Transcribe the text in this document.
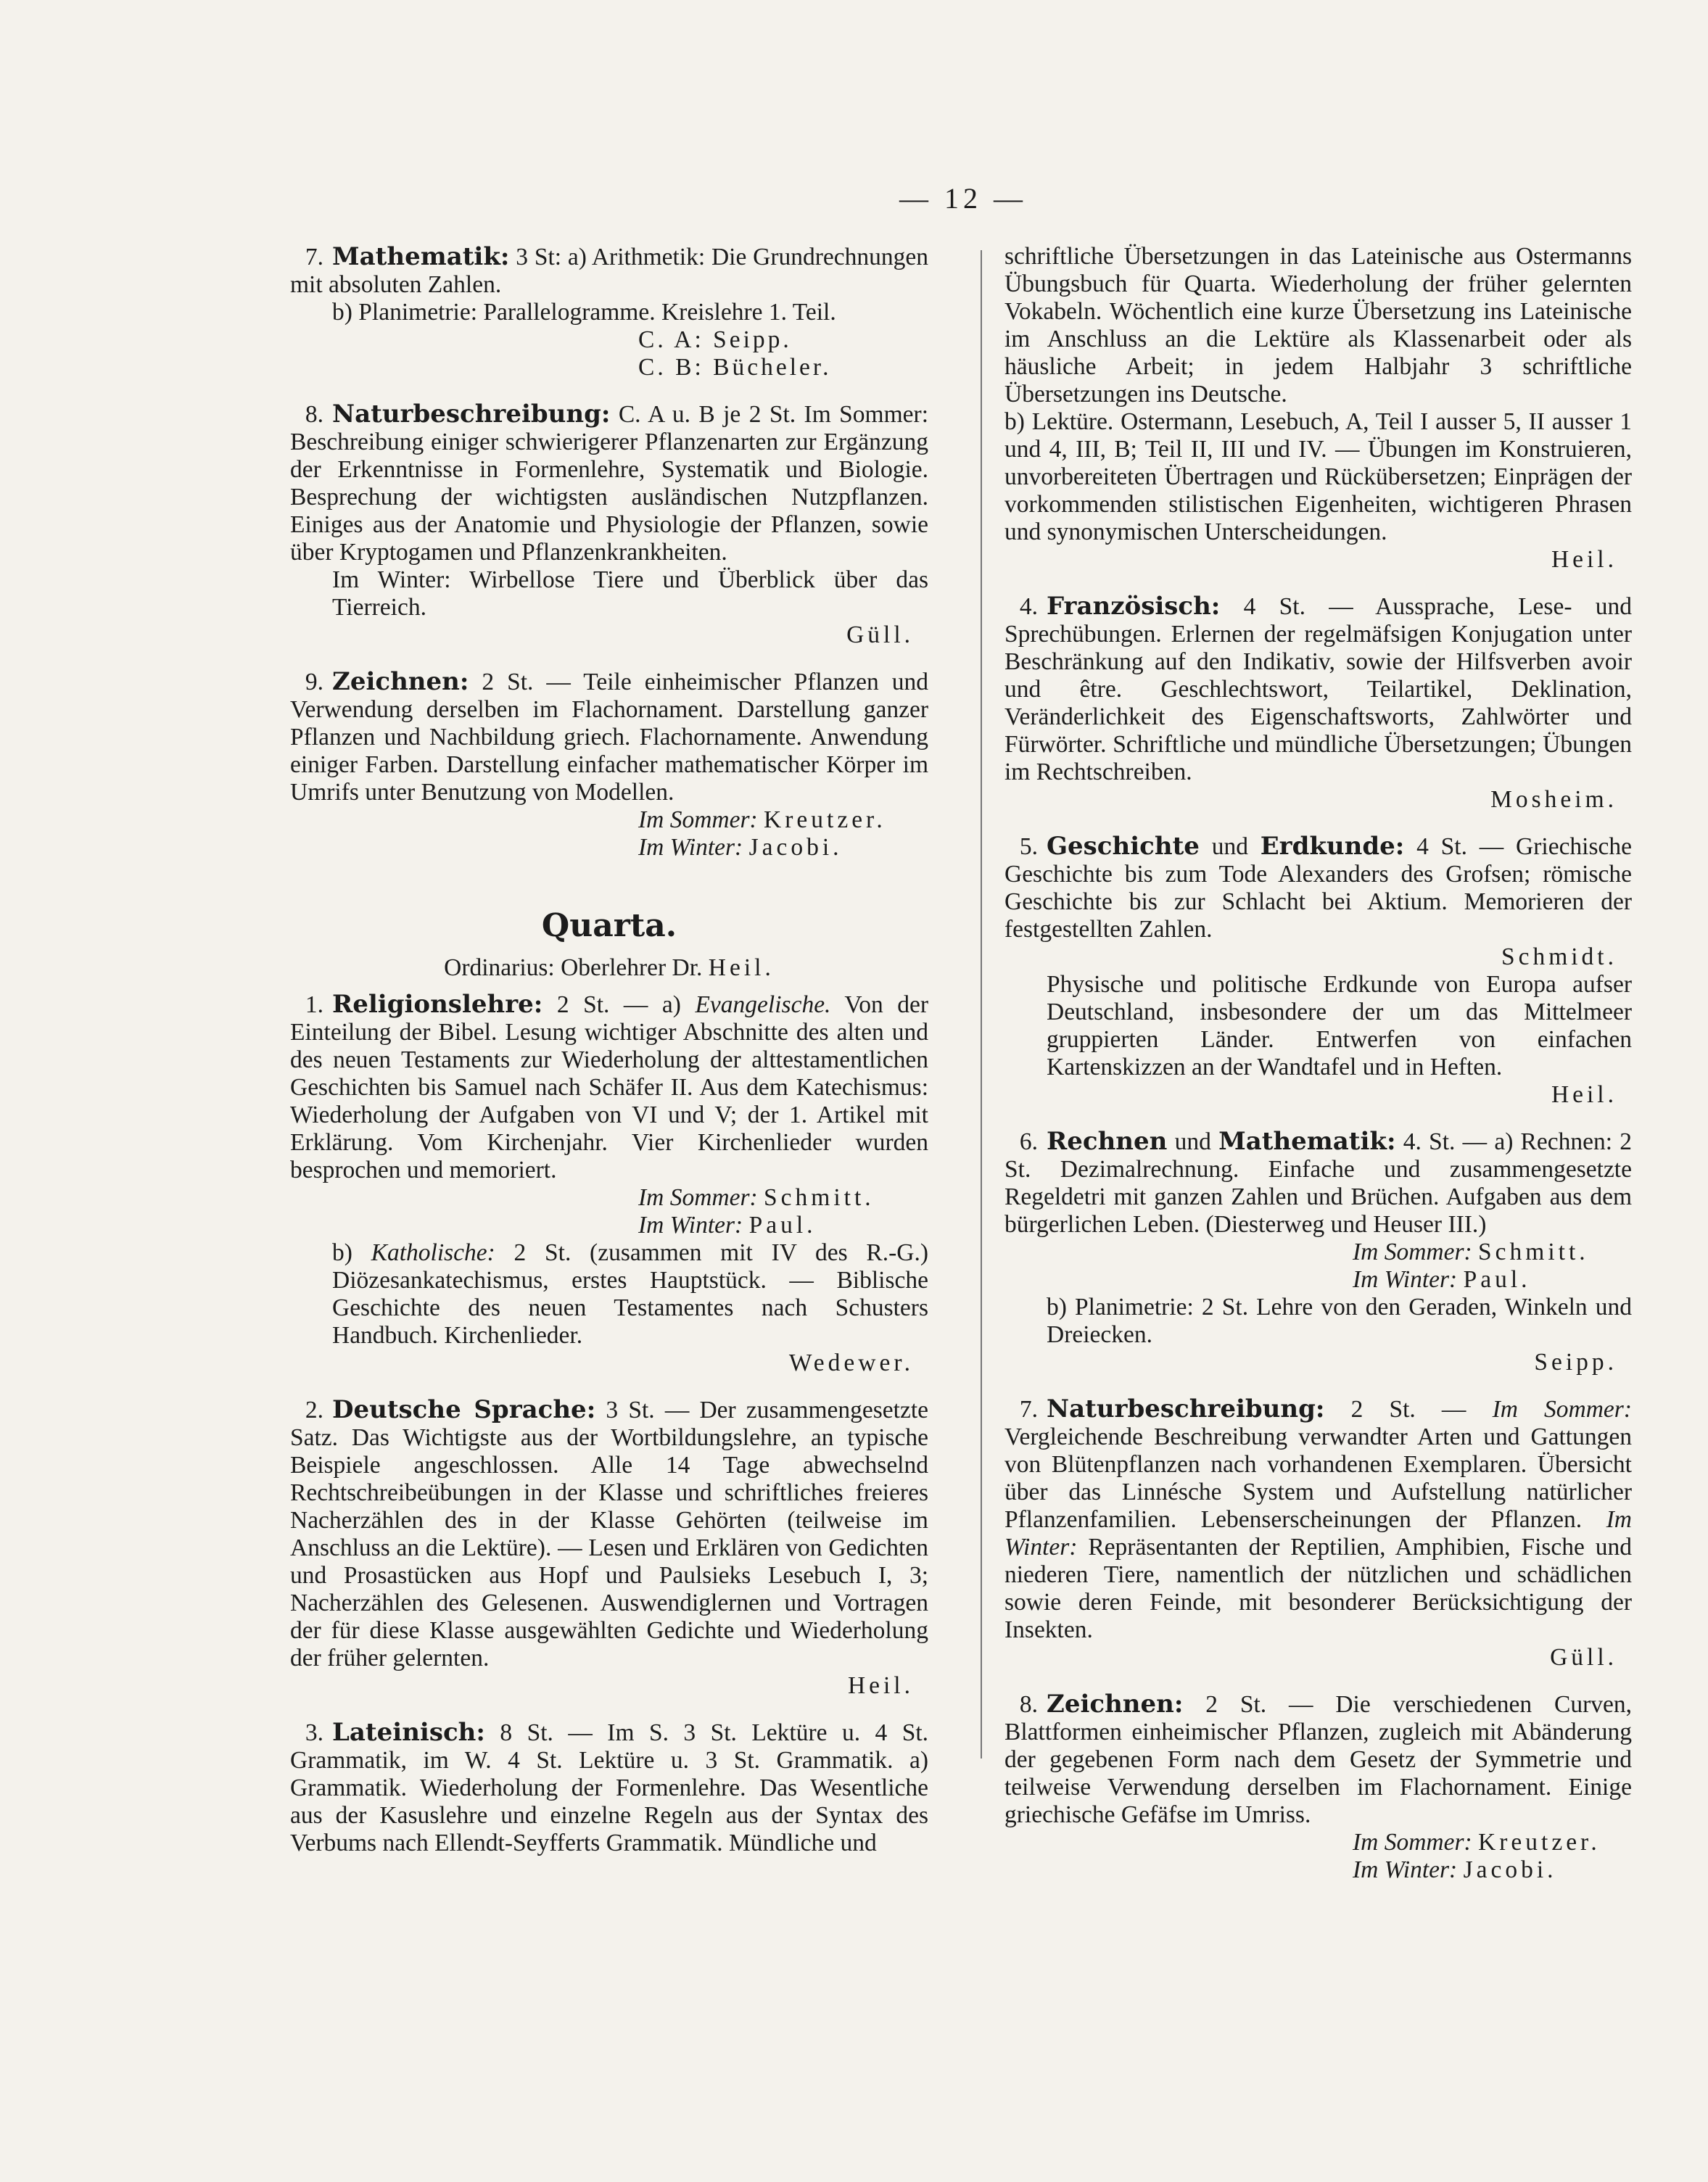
— 12 —

7. Mathematik: 3 St: a) Arithmetik: Die Grundrechnungen mit absoluten Zahlen.

b) Planimetrie: Parallelogramme. Kreislehre 1. Teil.

C. A: Seipp.

C. B: Bücheler.

8. Naturbeschreibung: C. A u. B je 2 St. Im Sommer: Beschreibung einiger schwierigerer Pflanzenarten zur Ergänzung der Erkenntnisse in Formenlehre, Systematik und Biologie. Besprechung der wichtigsten ausländischen Nutzpflanzen. Einiges aus der Anatomie und Physiologie der Pflanzen, sowie über Kryptogamen und Pflanzenkrankheiten.

Im Winter: Wirbellose Tiere und Überblick über das Tierreich.

Güll.

9. Zeichnen: 2 St. — Teile einheimischer Pflanzen und Verwendung derselben im Flachornament. Darstellung ganzer Pflanzen und Nachbildung griech. Flachornamente. Anwendung einiger Farben. Darstellung einfacher mathematischer Körper im Umrifs unter Benutzung von Modellen.

Im Sommer: Kreutzer.

Im Winter: Jacobi.

Quarta.
Ordinarius: Oberlehrer Dr. Heil.

1. Religionslehre: 2 St. — a) Evangelische. Von der Einteilung der Bibel. Lesung wichtiger Abschnitte des alten und des neuen Testaments zur Wiederholung der alttestamentlichen Geschichten bis Samuel nach Schäfer II. Aus dem Katechismus: Wiederholung der Aufgaben von VI und V; der 1. Artikel mit Erklärung. Vom Kirchenjahr. Vier Kirchenlieder wurden besprochen und memoriert.

Im Sommer: Schmitt.

Im Winter: Paul.

b) Katholische: 2 St. (zusammen mit IV des R.-G.) Diözesankatechismus, erstes Hauptstück. — Biblische Geschichte des neuen Testamentes nach Schusters Handbuch. Kirchenlieder.

Wedewer.

2. Deutsche Sprache: 3 St. — Der zusammengesetzte Satz. Das Wichtigste aus der Wortbildungslehre, an typische Beispiele angeschlossen. Alle 14 Tage abwechselnd Rechtschreibeübungen in der Klasse und schriftliches freieres Nacherzählen des in der Klasse Gehörten (teilweise im Anschluss an die Lektüre). — Lesen und Erklären von Gedichten und Prosastücken aus Hopf und Paulsieks Lesebuch I, 3; Nacherzählen des Gelesenen. Auswendiglernen und Vortragen der für diese Klasse ausgewählten Gedichte und Wiederholung der früher gelernten.

Heil.

3. Lateinisch: 8 St. — Im S. 3 St. Lektüre u. 4 St. Grammatik, im W. 4 St. Lektüre u. 3 St. Grammatik. a) Grammatik. Wiederholung der Formenlehre. Das Wesentliche aus der Kasuslehre und einzelne Regeln aus der Syntax des Verbums nach Ellendt-Seyfferts Grammatik. Mündliche und

schriftliche Übersetzungen in das Lateinische aus Ostermanns Übungsbuch für Quarta. Wiederholung der früher gelernten Vokabeln. Wöchentlich eine kurze Übersetzung ins Lateinische im Anschluss an die Lektüre als Klassenarbeit oder als häusliche Arbeit; in jedem Halbjahr 3 schriftliche Übersetzungen ins Deutsche.

b) Lektüre. Ostermann, Lesebuch, A, Teil I ausser 5, II ausser 1 und 4, III, B; Teil II, III und IV. — Übungen im Konstruieren, unvorbereiteten Übertragen und Rückübersetzen; Einprägen der vorkommenden stilistischen Eigenheiten, wichtigeren Phrasen und synonymischen Unterscheidungen.

Heil.

4. Französisch: 4 St. — Aussprache, Lese- und Sprechübungen. Erlernen der regelmäfsigen Konjugation unter Beschränkung auf den Indikativ, sowie der Hilfsverben avoir und être. Geschlechtswort, Teilartikel, Deklination, Veränderlichkeit des Eigenschaftsworts, Zahlwörter und Fürwörter. Schriftliche und mündliche Übersetzungen; Übungen im Rechtschreiben.

Mosheim.

5. Geschichte und Erdkunde: 4 St. — Griechische Geschichte bis zum Tode Alexanders des Grofsen; römische Geschichte bis zur Schlacht bei Aktium. Memorieren der festgestellten Zahlen.

Schmidt.

Physische und politische Erdkunde von Europa aufser Deutschland, insbesondere der um das Mittelmeer gruppierten Länder. Entwerfen von einfachen Kartenskizzen an der Wandtafel und in Heften.

Heil.

6. Rechnen und Mathematik: 4. St. — a) Rechnen: 2 St. Dezimalrechnung. Einfache und zusammengesetzte Regeldetri mit ganzen Zahlen und Brüchen. Aufgaben aus dem bürgerlichen Leben. (Diesterweg und Heuser III.)

Im Sommer: Schmitt.

Im Winter: Paul.

b) Planimetrie: 2 St. Lehre von den Geraden, Winkeln und Dreiecken.

Seipp.

7. Naturbeschreibung: 2 St. — Im Sommer: Vergleichende Beschreibung verwandter Arten und Gattungen von Blütenpflanzen nach vorhandenen Exemplaren. Übersicht über das Linnésche System und Aufstellung natürlicher Pflanzenfamilien. Lebenserscheinungen der Pflanzen. Im Winter: Repräsentanten der Reptilien, Amphibien, Fische und niederen Tiere, namentlich der nützlichen und schädlichen sowie deren Feinde, mit besonderer Berücksichtigung der Insekten.

Güll.

8. Zeichnen: 2 St. — Die verschiedenen Curven, Blattformen einheimischer Pflanzen, zugleich mit Abänderung der gegebenen Form nach dem Gesetz der Symmetrie und teilweise Verwendung derselben im Flachornament. Einige griechische Gefäfse im Umriss.

Im Sommer: Kreutzer.

Im Winter: Jacobi.
